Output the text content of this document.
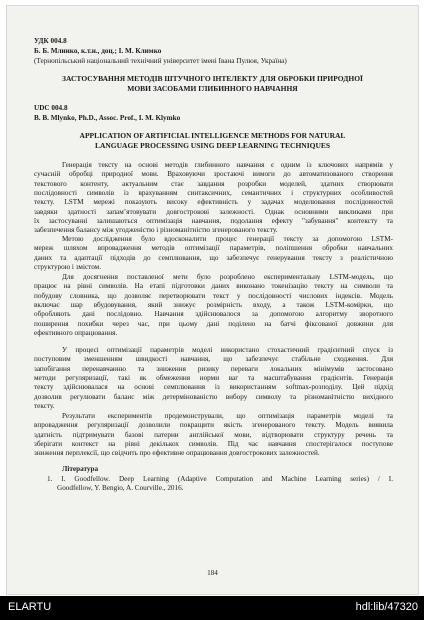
УДК 004.8

Б. Б. Млинко, к.т.н., доц.; І. М. Климко

(Тернопільський національний технічний університет імені Івана Пулюя, Україна)

ЗАСТОСУВАННЯ МЕТОДІВ ШТУЧНОГО ІНТЕЛЕКТУ ДЛЯ ОБРОБКИ ПРИРОДНОЇ

МОВИ ЗАСОБАМИ ГЛИБИННОГО НАВЧАННЯ

UDC 004.8

B. B. Mlynko, Ph.D., Assoc. Prof., I. M. Klymko

APPLICATION OF ARTIFICIAL INTELLIGENCE METHODS FOR NATURAL

LANGUAGE PROCESSING USING DEEP LEARNING TECHNIQUES

Генерація тексту на основі методів глибинного навчання є одним із ключових напрямів у

сучасній обробці природної мови. Враховуючи зростаючі вимоги до автоматизованого створення

текстового контенту, актуальним стає завдання розробки моделей, здатних створювати

послідовності символів із врахуванням синтаксичних, семантичних і структурних особливостей

тексту. LSTM мережі показують високу ефективність у задачах моделювання послідовностей

завдяки здатності запам’ятовувати довгострокові залежності. Однак основними викликами при

їх застосуванні залишаються оптимізація навчання, подолання ефекту "забування" контексту та

забезпечення балансу між угодженістю і різноманітністю згенерованого тексту.

Метою дослідження було вдосконалити процес генерації тексту за допомогою LSTM-

мереж шляхом впровадження методів оптимізації параметрів, поліпшення обробки навчальних

даних та адаптації підходів до семплювання, що забезпечує генерування тексту з реалістичною

структурою і змістом.

Для досягнення поставленої мети було розроблено експериментальну LSTM-модель, що

працює на рівні символів. На етапі підготовки даних виконано токенізацію тексту на символи та

побудову словника, що дозволяє перетворювати текст у послідовності числових індексів. Модель

включає шар вбудовування, який знижує розмірність входу, а також LSTM-комірки, що

обробляють дані послідовно. Навчання здійснювалося за допомогою алгоритму зворотного

поширення похибки через час, при цьому дані поділено на батчі фіксованої довжини для

ефективного опрацювання.

У процесі оптимізації параметрів моделі використано стохастичний градієнтний спуск із

поступовим зменшенням швидкості навчання, що забезпечує стабільне сходження. Для

запобігання перенавчанню та зниження ризику переваги локальних мінімумів застосовано

методи регуляризації, такі як обмеження норми ваг та масштабування градієнтів. Генерація

тексту здійснювалася на основі семплювання із використанням softmax-розподілу. Цей підхід

дозволив регулювати баланс між детермінованістю вибору символу та різноманітністю вихідного

тексту.

Результати експериментів продемонстрували, що оптимізація параметрів моделі та

впровадження регуляризації дозволили покращити якість згенерованого тексту. Модель виявила

здатність підтримувати базові патерни англійської мови, відтворювати структуру речень та

зберігати контекст на рівні декількох символів. Під час навчання спостерігалося поступове

зниження перплексії, що свідчить про ефективне опрацювання довгострокових залежностей.

Література

1. I. Goodfellow. Deep Learning (Adaptive Computation and Machine Learning series) / I.

Goodfellow, Y. Bengio, A. Courville., 2016.

184

ELARTU	hdl:lib/47320
